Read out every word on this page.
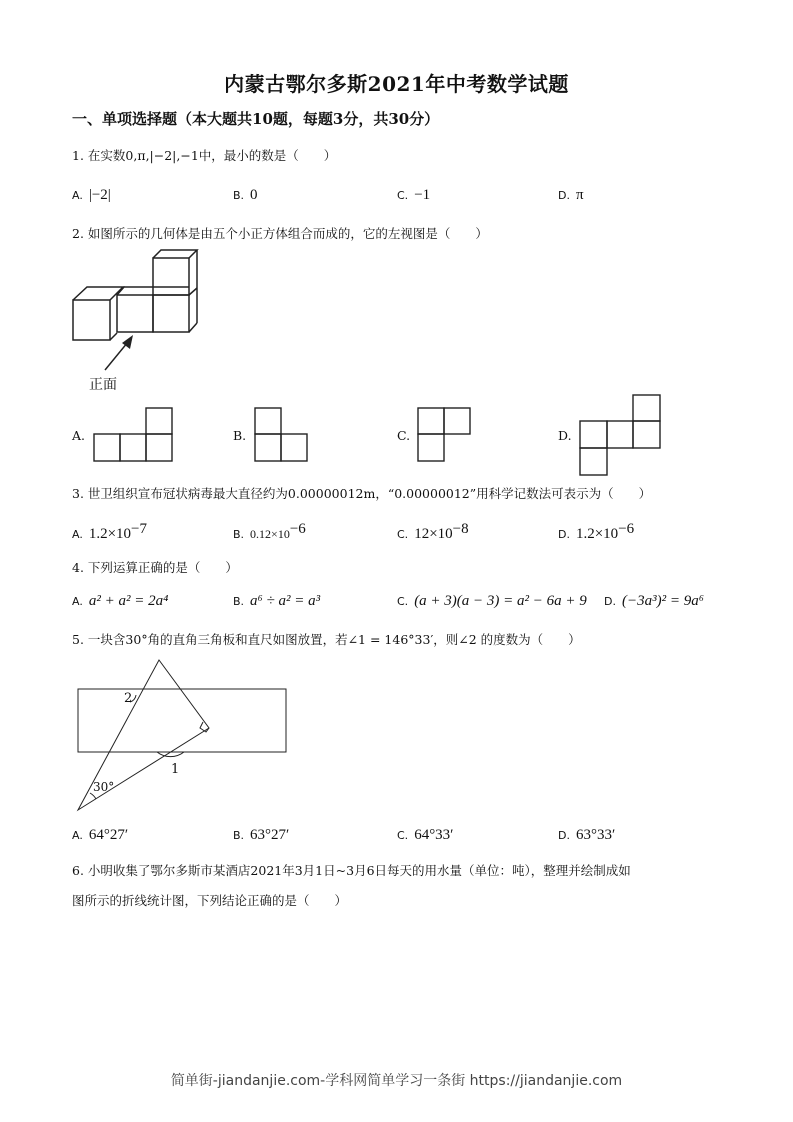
内蒙古鄂尔多斯2021年中考数学试题
一、单项选择题（本大题共10题，每题3分，共30分）
1. 在实数0,π,|−2|,−1中，最小的数是（　　）
A. |−2|	B. 0	C. −1	D. π
2. 如图所示的几何体是由五个小正方体组合而成的，它的左视图是（　　）
正面
A.	B.	C.	D.
3. 世卫组织宣布冠状病毒最大直径约为0.00000012m，“0.00000012”用科学记数法可表示为（　　）
A. $1.2\times 10^{-7}$	B. $0.12\times 10^{-6}$	C. $12\times 10^{-8}$	D. $1.2\times 10^{-6}$
4. 下列运算正确的是（　　）
A. a² + a² = 2a⁴	B. a⁶ ÷ a² = a³	C. (a + 3)(a − 3) = a² − 6a + 9 D. (−3a³)² = 9a⁶
5. 一块含30°角的直角三角板和直尺如图放置，若∠1 = 146°33′，则∠2 的度数为（　　）
2
1
30°
A. 64°27′	B. 63°27′	C. 64°33′	D. 63°33′
6. 小明收集了鄂尔多斯市某酒店2021年3月1日~3月6日每天的用水量（单位：吨），整理并绘制成如
图所示的折线统计图，下列结论正确的是（　　）
简单街-jiandanjie.com-学科网简单学习一条街 https://jiandanjie.com
